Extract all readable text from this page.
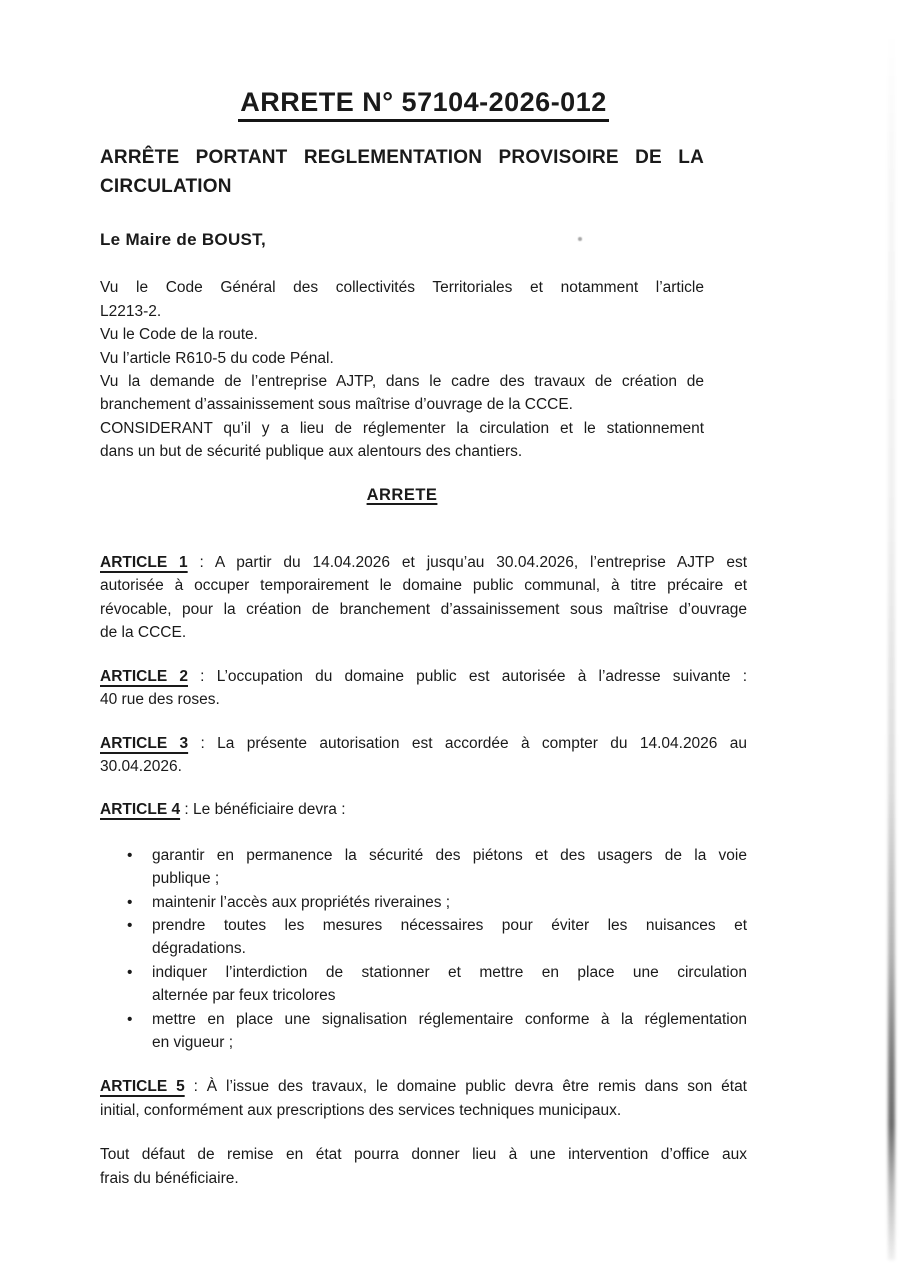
ARRETE N° 57104-2026-012
ARRÊTE PORTANT REGLEMENTATION PROVISOIRE DE LA
CIRCULATION
Le Maire de BOUST,
Vu le Code Général des collectivités Territoriales et notamment l’article
L2213-2.
Vu le Code de la route.
Vu l’article R610-5 du code Pénal.
Vu la demande de l’entreprise AJTP, dans le cadre des travaux de création de
branchement d’assainissement sous maîtrise d’ouvrage de la CCCE.
CONSIDERANT qu’il y a lieu de réglementer la circulation et le stationnement
dans un but de sécurité publique aux alentours des chantiers.
ARRETE
ARTICLE 1 : A partir du 14.04.2026 et jusqu’au 30.04.2026, l’entreprise AJTP est
autorisée à occuper temporairement le domaine public communal, à titre précaire et
révocable, pour la création de branchement d’assainissement sous maîtrise d’ouvrage
de la CCCE.
ARTICLE 2 : L’occupation du domaine public est autorisée à l’adresse suivante :
40 rue des roses.
ARTICLE 3 : La présente autorisation est accordée à compter du 14.04.2026 au
30.04.2026.
ARTICLE 4 : Le bénéficiaire devra :
• garantir en permanence la sécurité des piétons et des usagers de la voie
publique ;
• maintenir l’accès aux propriétés riveraines ;
• prendre toutes les mesures nécessaires pour éviter les nuisances et
dégradations.
• indiquer l’interdiction de stationner et mettre en place une circulation
alternée par feux tricolores
• mettre en place une signalisation réglementaire conforme à la réglementation
en vigueur ;
ARTICLE 5 : À l’issue des travaux, le domaine public devra être remis dans son état
initial, conformément aux prescriptions des services techniques municipaux.
Tout défaut de remise en état pourra donner lieu à une intervention d’office aux
frais du bénéficiaire.
